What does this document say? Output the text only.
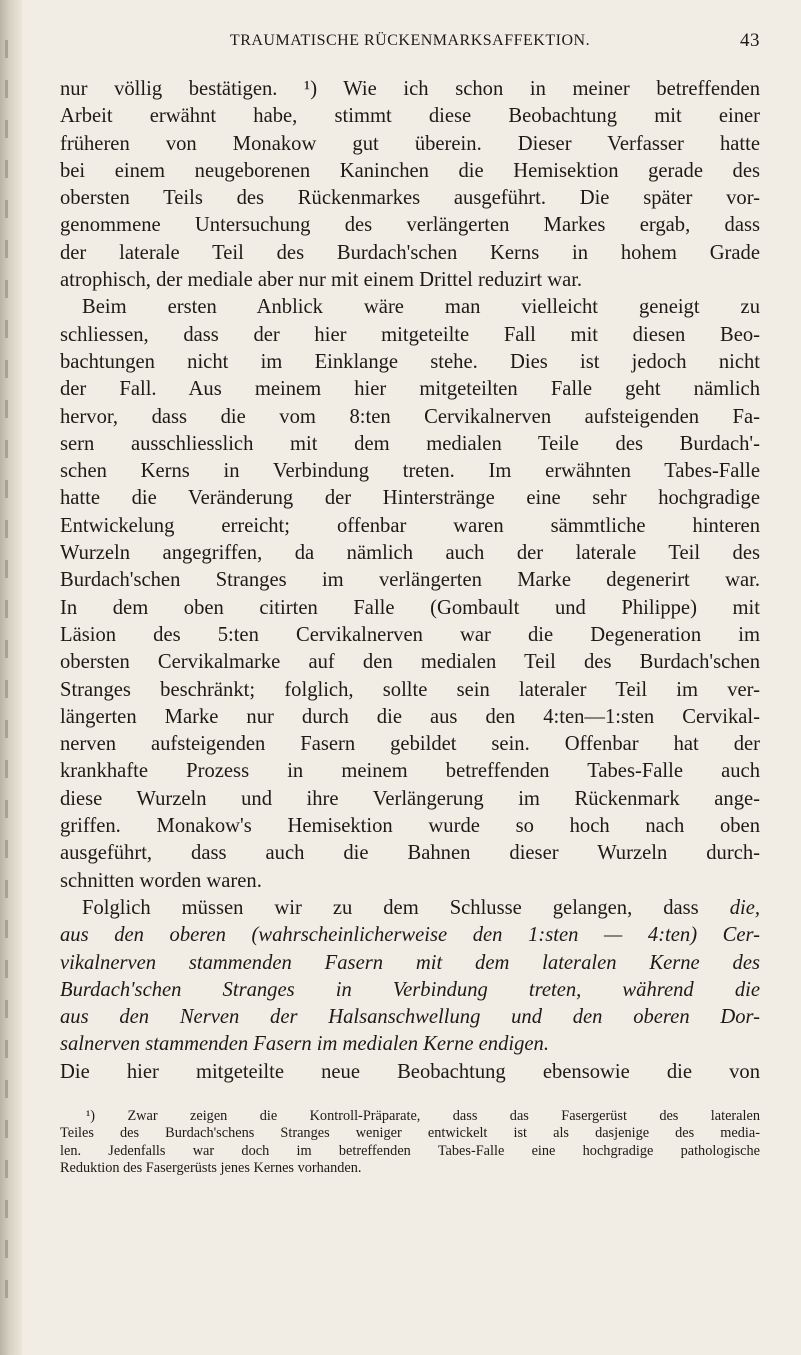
TRAUMATISCHE RÜCKENMARKSAFFEKTION.	43
nur völlig bestätigen. ¹) Wie ich schon in meiner betreffenden
Arbeit erwähnt habe, stimmt diese Beobachtung mit einer
früheren von Monakow gut überein. Dieser Verfasser hatte
bei einem neugeborenen Kaninchen die Hemisektion gerade des
obersten Teils des Rückenmarkes ausgeführt. Die später vor-
genommene Untersuchung des verlängerten Markes ergab, dass
der laterale Teil des Burdach'schen Kerns in hohem Grade
atrophisch, der mediale aber nur mit einem Drittel reduzirt war.
Beim ersten Anblick wäre man vielleicht geneigt zu
schliessen, dass der hier mitgeteilte Fall mit diesen Beo-
bachtungen nicht im Einklange stehe. Dies ist jedoch nicht
der Fall. Aus meinem hier mitgeteilten Falle geht nämlich
hervor, dass die vom 8:ten Cervikalnerven aufsteigenden Fa-
sern ausschliesslich mit dem medialen Teile des Burdach'-
schen Kerns in Verbindung treten. Im erwähnten Tabes-Falle
hatte die Veränderung der Hinterstränge eine sehr hochgradige
Entwickelung erreicht; offenbar waren sämmtliche hinteren
Wurzeln angegriffen, da nämlich auch der laterale Teil des
Burdach'schen Stranges im verlängerten Marke degenerirt war.
In dem oben citirten Falle (Gombault und Philippe) mit
Läsion des 5:ten Cervikalnerven war die Degeneration im
obersten Cervikalmarke auf den medialen Teil des Burdach'schen
Stranges beschränkt; folglich, sollte sein lateraler Teil im ver-
längerten Marke nur durch die aus den 4:ten—1:sten Cervikal-
nerven aufsteigenden Fasern gebildet sein. Offenbar hat der
krankhafte Prozess in meinem betreffenden Tabes-Falle auch
diese Wurzeln und ihre Verlängerung im Rückenmark ange-
griffen. Monakow's Hemisektion wurde so hoch nach oben
ausgeführt, dass auch die Bahnen dieser Wurzeln durch-
schnitten worden waren.
Folglich müssen wir zu dem Schlusse gelangen, dass die,
aus den oberen (wahrscheinlicherweise den 1:sten — 4:ten) Cer-
vikalnerven stammenden Fasern mit dem lateralen Kerne des
Burdach'schen Stranges in Verbindung treten, während die
aus den Nerven der Halsanschwellung und den oberen Dor-
salnerven stammenden Fasern im medialen Kerne endigen.
Die hier mitgeteilte neue Beobachtung ebensowie die von
¹) Zwar zeigen die Kontroll-Präparate, dass das Fasergerüst des lateralen
Teiles des Burdach'schens Stranges weniger entwickelt ist als dasjenige des media-
len. Jedenfalls war doch im betreffenden Tabes-Falle eine hochgradige pathologische
Reduktion des Fasergerüsts jenes Kernes vorhanden.
